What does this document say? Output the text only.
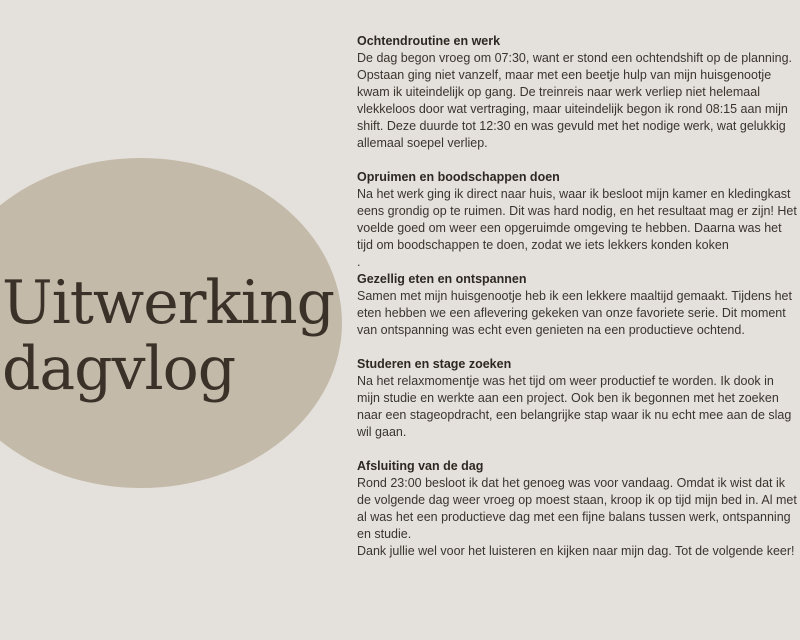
Uitwerking
dagvlog
Ochtendroutine en werk

De dag begon vroeg om 07:30, want er stond een ochtendshift op de planning. Opstaan ging niet vanzelf, maar met een beetje hulp van mijn huisgenootje kwam ik uiteindelijk op gang. De treinreis naar werk verliep niet helemaal vlekkeloos door wat vertraging, maar uiteindelijk begon ik rond 08:15 aan mijn shift. Deze duurde tot 12:30 en was gevuld met het nodige werk, wat gelukkig allemaal soepel verliep.

Opruimen en boodschappen doen

Na het werk ging ik direct naar huis, waar ik besloot mijn kamer en kledingkast eens grondig op te ruimen. Dit was hard nodig, en het resultaat mag er zijn! Het voelde goed om weer een opgeruimde omgeving te hebben. Daarna was het tijd om boodschappen te doen, zodat we iets lekkers konden koken

.

Gezellig eten en ontspannen

Samen met mijn huisgenootje heb ik een lekkere maaltijd gemaakt. Tijdens het eten hebben we een aflevering gekeken van onze favoriete serie. Dit moment van ontspanning was echt even genieten na een productieve ochtend.

Studeren en stage zoeken

Na het relaxmomentje was het tijd om weer productief te worden. Ik dook in mijn studie en werkte aan een project. Ook ben ik begonnen met het zoeken naar een stageopdracht, een belangrijke stap waar ik nu echt mee aan de slag wil gaan.

Afsluiting van de dag

Rond 23:00 besloot ik dat het genoeg was voor vandaag. Omdat ik wist dat ik de volgende dag weer vroeg op moest staan, kroop ik op tijd mijn bed in. Al met al was het een productieve dag met een fijne balans tussen werk, ontspanning en studie.

Dank jullie wel voor het luisteren en kijken naar mijn dag. Tot de volgende keer!
